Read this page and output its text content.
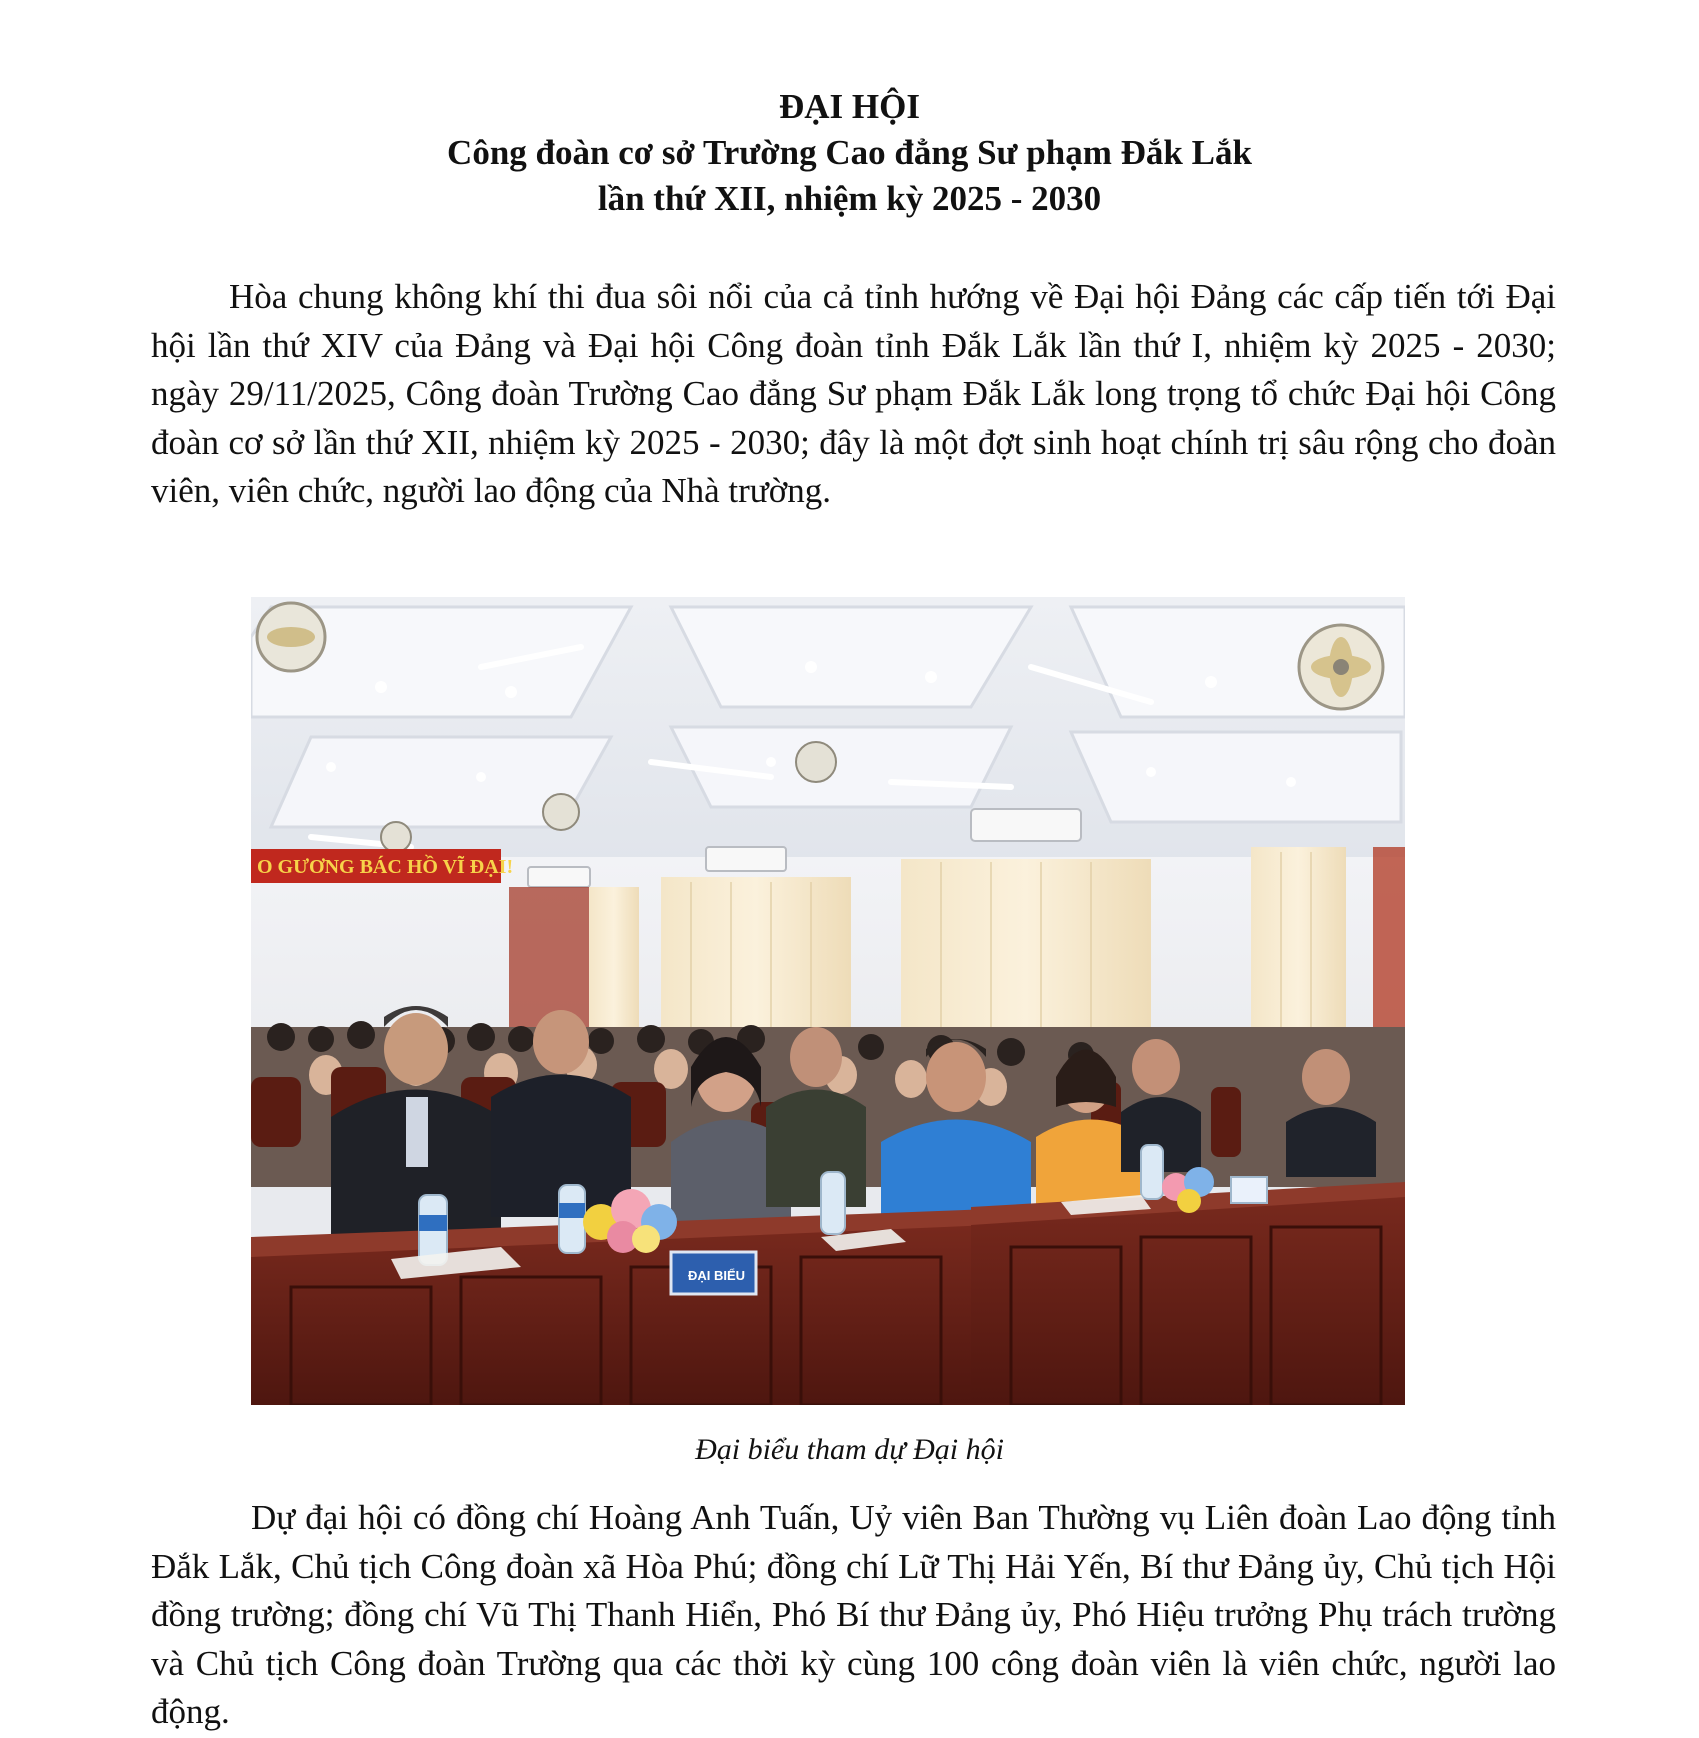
ĐẠI HỘI
Công đoàn cơ sở Trường Cao đẳng Sư phạm Đắk Lắk
lần thứ XII, nhiệm kỳ 2025 - 2030

Hòa chung không khí thi đua sôi nổi của cả tỉnh hướng về Đại hội Đảng các cấp tiến tới Đại hội lần thứ XIV của Đảng và Đại hội Công đoàn tỉnh Đắk Lắk lần thứ I, nhiệm kỳ 2025 - 2030; ngày 29/11/2025, Công đoàn Trường Cao đẳng Sư phạm Đắk Lắk long trọng tổ chức Đại hội Công đoàn cơ sở lần thứ XII, nhiệm kỳ 2025 - 2030; đây là một đợt sinh hoạt chính trị sâu rộng cho đoàn viên, viên chức, người lao động của Nhà trường.

O GƯƠNG BÁC HỒ VĨ ĐẠI!
ĐẠI BIỂU
Đại biểu tham dự Đại hội

Dự đại hội có đồng chí Hoàng Anh Tuấn, Uỷ viên Ban Thường vụ Liên đoàn Lao động tỉnh Đắk Lắk, Chủ tịch Công đoàn xã Hòa Phú; đồng chí Lữ Thị Hải Yến, Bí thư Đảng ủy, Chủ tịch Hội đồng trường; đồng chí Vũ Thị Thanh Hiển, Phó Bí thư Đảng ủy, Phó Hiệu trưởng Phụ trách trường và Chủ tịch Công đoàn Trường qua các thời kỳ cùng 100 công đoàn viên là viên chức, người lao động.
